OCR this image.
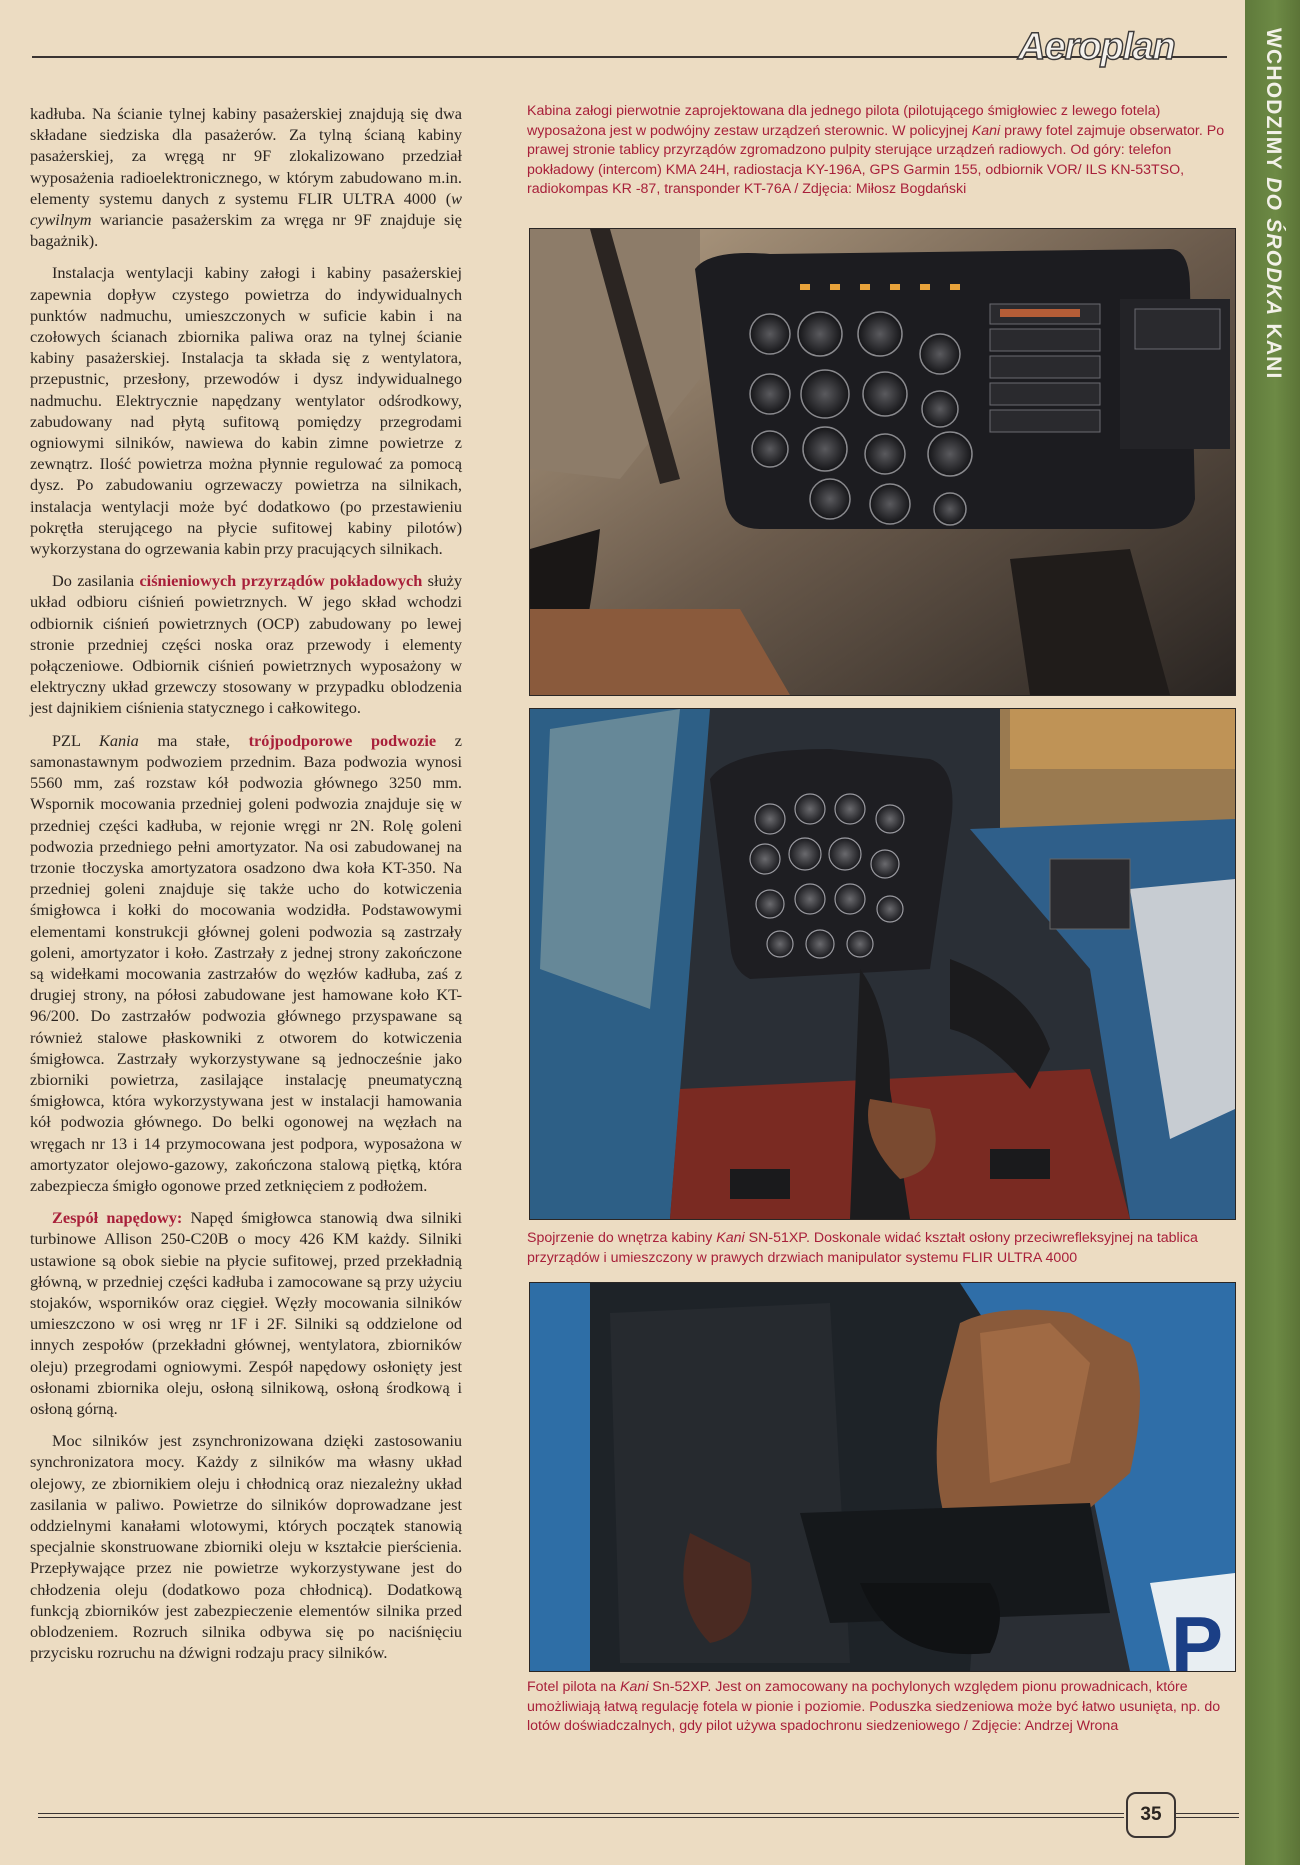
Aeroplan	WCHODZIMY DO ŚRODKA KANI

kadłuba. Na ścianie tylnej kabiny pasażerskiej znajdują się dwa składane siedziska dla pasażerów. Za tylną ścianą kabiny pasażerskiej, za wręgą nr 9F zlokalizowano przedział wyposażenia radioelektronicznego, w którym zabudowano m.in. elementy systemu danych z systemu FLIR ULTRA 4000 (w cywilnym wariancie pasażerskim za wręga nr 9F znajduje się bagażnik).

Instalacja wentylacji kabiny załogi i kabiny pasażerskiej zapewnia dopływ czystego powietrza do indywidualnych punktów nadmuchu, umieszczonych w suficie kabin i na czołowych ścianach zbiornika paliwa oraz na tylnej ścianie kabiny pasażerskiej. Instalacja ta składa się z wentylatora, przepustnic, przesłony, przewodów i dysz indywidualnego nadmuchu. Elektrycznie napędzany wentylator odśrodkowy, zabudowany nad płytą sufitową pomiędzy przegrodami ogniowymi silników, nawiewa do kabin zimne powietrze z zewnątrz. Ilość powietrza można płynnie regulować za pomocą dysz. Po zabudowaniu ogrzewaczy powietrza na silnikach, instalacja wentylacji może być dodatkowo (po przestawieniu pokrętła sterującego na płycie sufitowej kabiny pilotów) wykorzystana do ogrzewania kabin przy pracujących silnikach.

Do zasilania ciśnieniowych przyrządów pokładowych służy układ odbioru ciśnień powietrznych. W jego skład wchodzi odbiornik ciśnień powietrznych (OCP) zabudowany po lewej stronie przedniej części noska oraz przewody i elementy połączeniowe. Odbiornik ciśnień powietrznych wyposażony w elektryczny układ grzewczy stosowany w przypadku oblodzenia jest dajnikiem ciśnienia statycznego i całkowitego.

PZL Kania ma stałe, trójpodporowe podwozie z samonastawnym podwoziem przednim. Baza podwozia wynosi 5560 mm, zaś rozstaw kół podwozia głównego 3250 mm. Wspornik mocowania przedniej goleni podwozia znajduje się w przedniej części kadłuba, w rejonie wręgi nr 2N. Rolę goleni podwozia przedniego pełni amortyzator. Na osi zabudowanej na trzonie tłoczyska amortyzatora osadzono dwa koła KT-350. Na przedniej goleni znajduje się także ucho do kotwiczenia śmigłowca i kołki do mocowania wodzidła. Podstawowymi elementami konstrukcji głównej goleni podwozia są zastrzały goleni, amortyzator i koło. Zastrzały z jednej strony zakończone są widełkami mocowania zastrzałów do węzłów kadłuba, zaś z drugiej strony, na półosi zabudowane jest hamowane koło KT-96/200. Do zastrzałów podwozia głównego przyspawane są również stalowe płaskowniki z otworem do kotwiczenia śmigłowca. Zastrzały wykorzystywane są jednocześnie jako zbiorniki powietrza, zasilające instalację pneumatyczną śmigłowca, która wykorzystywana jest w instalacji hamowania kół podwozia głównego. Do belki ogonowej na węzłach na wręgach nr 13 i 14 przymocowana jest podpora, wyposażona w amortyzator olejowo-gazowy, zakończona stalową piętką, która zabezpiecza śmigło ogonowe przed zetknięciem z podłożem.

Zespół napędowy: Napęd śmigłowca stanowią dwa silniki turbinowe Allison 250-C20B o mocy 426 KM każdy. Silniki ustawione są obok siebie na płycie sufitowej, przed przekładnią główną, w przedniej części kadłuba i zamocowane są przy użyciu stojaków, wsporników oraz cięgieł. Węzły mocowania silników umieszczono w osi wręg nr 1F i 2F. Silniki są oddzielone od innych zespołów (przekładni głównej, wentylatora, zbiorników oleju) przegrodami ogniowymi. Zespół napędowy osłonięty jest osłonami zbiornika oleju, osłoną silnikową, osłoną środkową i osłoną górną.

Moc silników jest zsynchronizowana dzięki zastosowaniu synchronizatora mocy. Każdy z silników ma własny układ olejowy, ze zbiornikiem oleju i chłodnicą oraz niezależny układ zasilania w paliwo. Powietrze do silników doprowadzane jest oddzielnymi kanałami wlotowymi, których początek stanowią specjalnie skonstruowane zbiorniki oleju w kształcie pierścienia. Przepływające przez nie powietrze wykorzystywane jest do chłodzenia oleju (dodatkowo poza chłodnicą). Dodatkową funkcją zbiorników jest zabezpieczenie elementów silnika przed oblodzeniem. Rozruch silnika odbywa się po naciśnięciu przycisku rozruchu na dźwigni rodzaju pracy silników.

Kabina załogi pierwotnie zaprojektowana dla jednego pilota (pilotującego śmigłowiec z lewego fotela) wyposażona jest w podwójny zestaw urządzeń sterownic. W policyjnej Kani prawy fotel zajmuje obserwator. Po prawej stronie tablicy przyrządów zgromadzono pulpity sterujące urządzeń radiowych. Od góry: telefon pokładowy (intercom) KMA 24H, radiostacja KY-196A, GPS Garmin 155, odbiornik VOR/ ILS KN-53TSO, radiokompas KR -87, transponder KT-76A / Zdjęcia: Miłosz Bogdański
Spojrzenie do wnętrza kabiny Kani SN-51XP. Doskonale widać kształt osłony przeciwrefleksyjnej na tablica przyrządów i umieszczony w prawych drzwiach manipulator systemu FLIR ULTRA 4000
P
Fotel pilota na Kani Sn-52XP. Jest on zamocowany na pochylonych względem pionu prowadnicach, które umożliwiają łatwą regulację fotela w pionie i poziomie. Poduszka siedzeniowa może być łatwo usunięta, np. do lotów doświadczalnych, gdy pilot używa spadochronu siedzeniowego / Zdjęcie: Andrzej Wrona
35
